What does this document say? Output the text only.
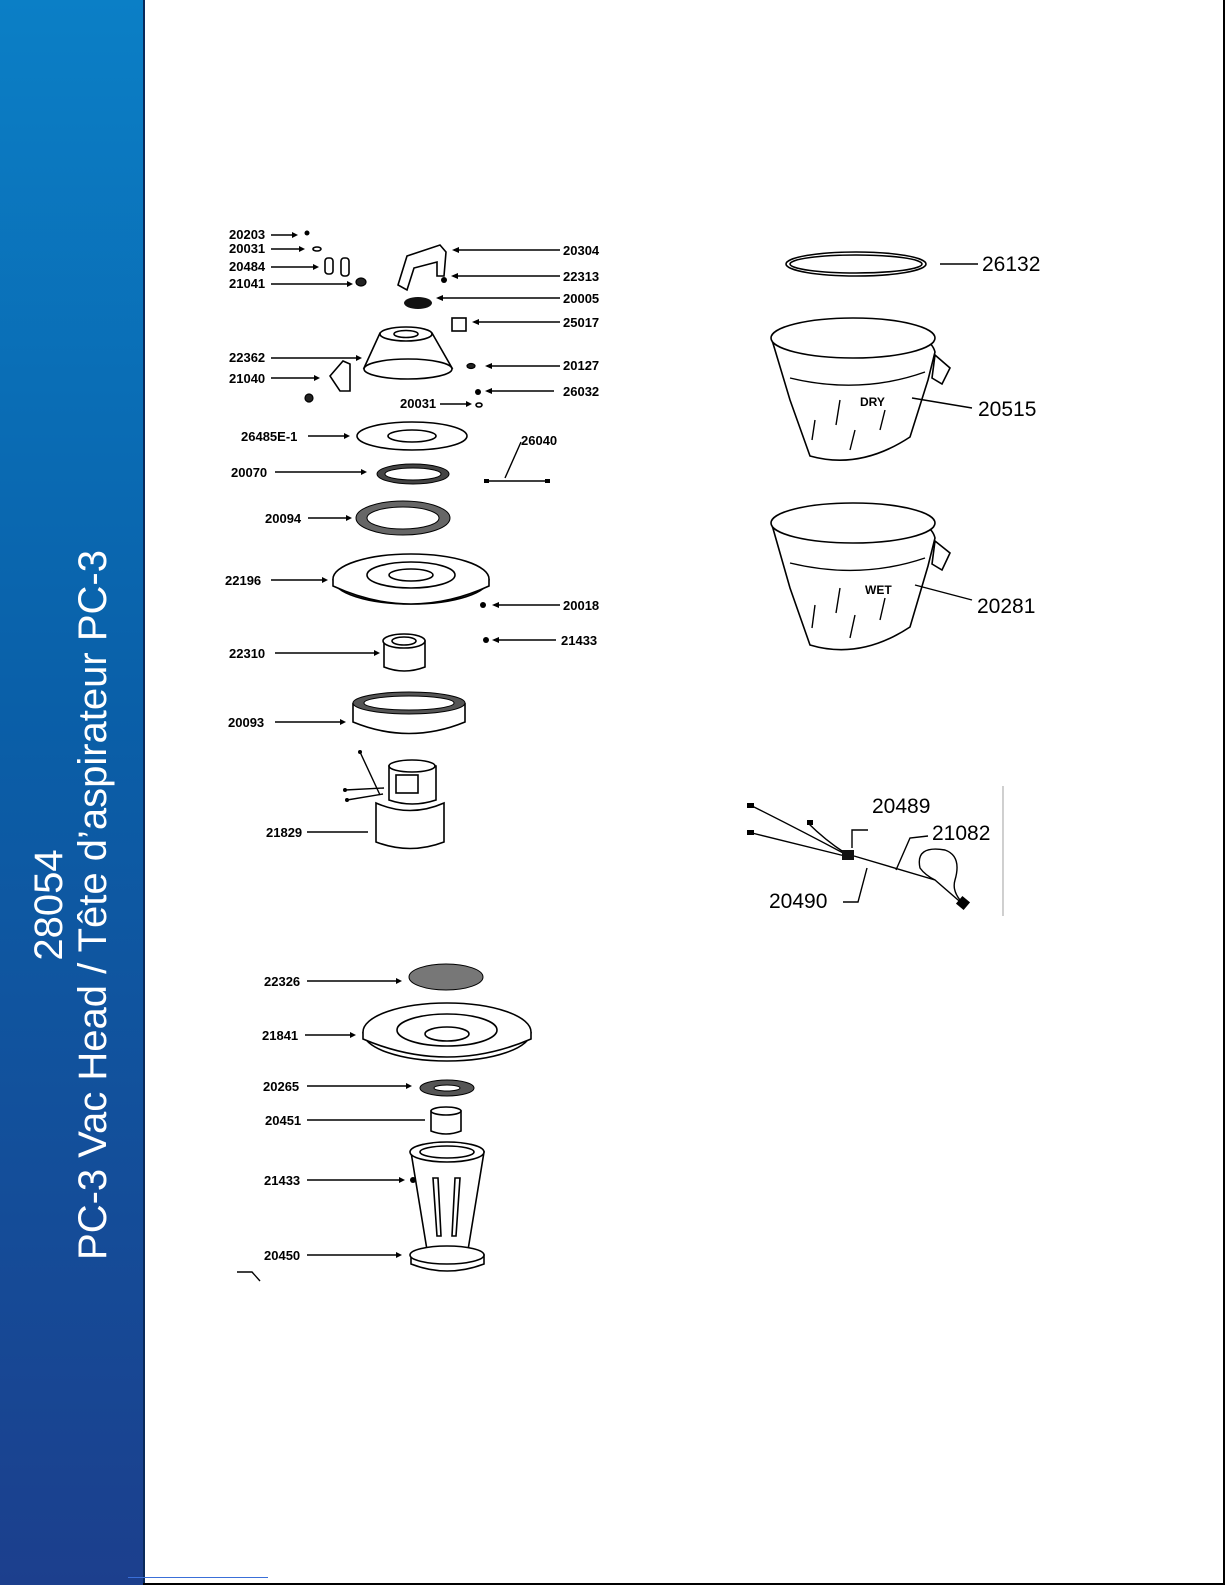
28054 PC-3 Vac Head / Tête d’aspirateur PC-3
20203
20031
20484
21041
20304
22313
20005
25017
22362
20127
21040
26032
20031
26485E-1	26040
20070
20094
22196
20018
21433
22310
20093
21829
22326
21841
20265
20451
21433
20450
26132
DRY	20515
WET
20281
20489
21082
20490
